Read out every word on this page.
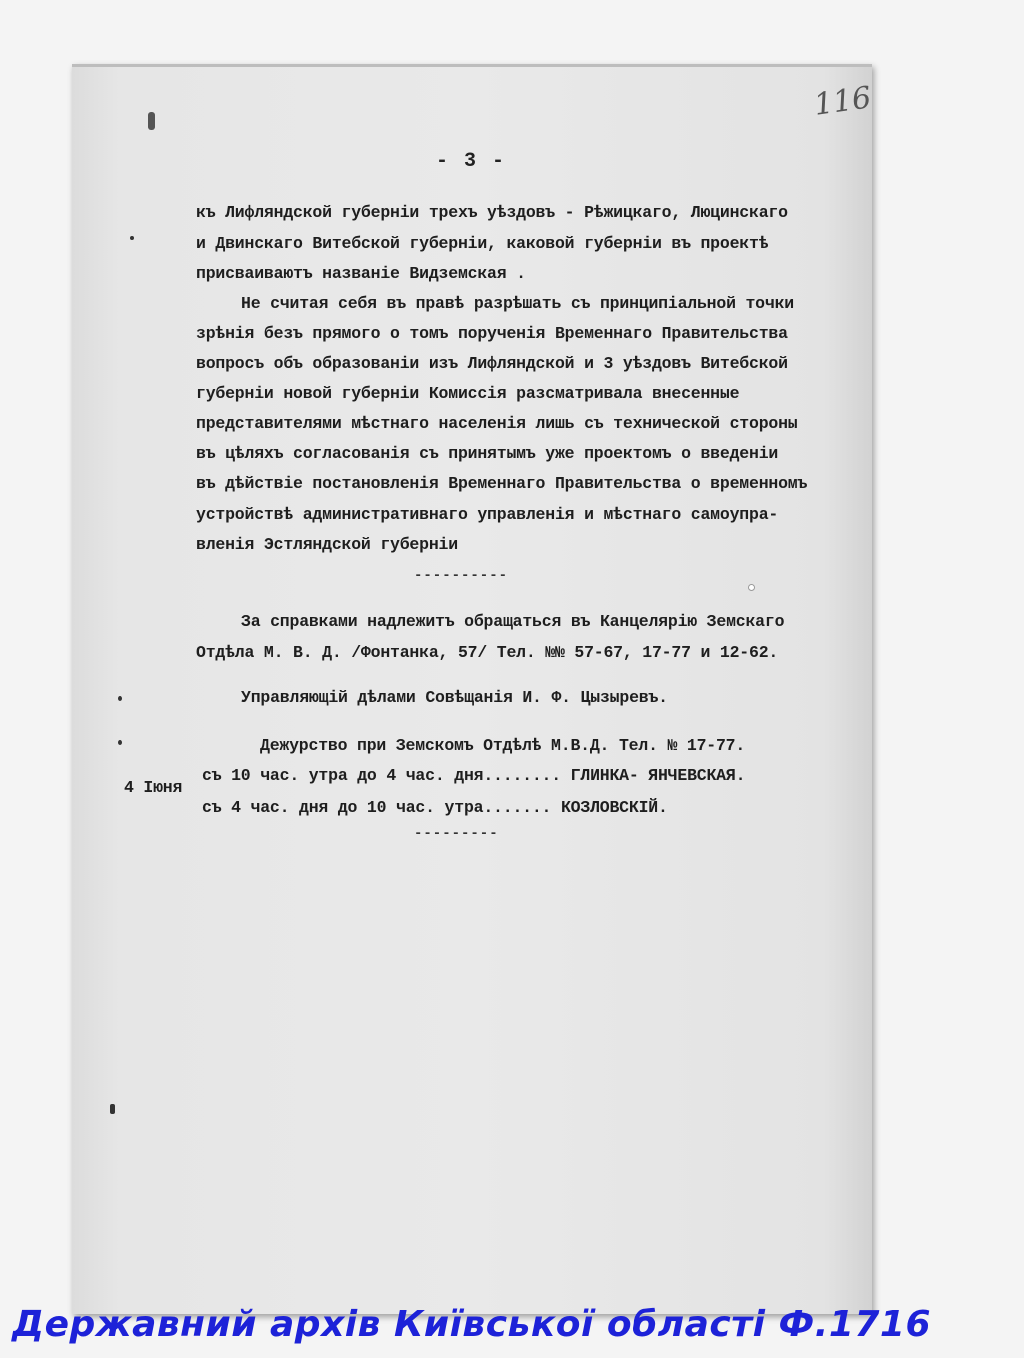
116
- 3 -
къ Лифляндской губерніи трехъ уѣздовъ - Рѣжицкаго, Люцинскаго
и Двинскаго Витебской губерніи, каковой губерніи въ проектѣ
присваиваютъ названіе Видземская .
Не считая себя въ правѣ разрѣшать съ принципіальной точки
зрѣнія безъ прямого о томъ порученія Временнаго Правительства
вопросъ объ образованіи изъ Лифляндской и 3 уѣздовъ Витебской
губерніи новой губерніи Комиссія разсматривала внесенные
представителями мѣстнаго населенія лишь съ технической стороны
въ цѣляхъ согласованія съ принятымъ уже проектомъ о введеніи
въ дѣйствіе постановленія Временнаго Правительства о временномъ
устройствѣ административнаго управленія и мѣстнаго самоупра-
вленія Эстляндской губерніи
----------
За справками надлежитъ обращаться въ Канцелярію Земскаго
Отдѣла М. В. Д. /Фонтанка, 57/ Тел. №№ 57-67, 17-77 и 12-62.
Управляющій дѣлами Совѣщанія И. Ф. Цызыревъ.
Дежурство при Земскомъ Отдѣлѣ М.В.Д. Тел. № 17-77.
4 Іюня
съ 10 час. утра до 4 час. дня........ ГЛИНКА- ЯНЧЕВСКАЯ.
съ 4 час. дня до 10 час. утра....... КОЗЛОВСКІЙ.
---------
Державний архів Київської області Ф.1716
